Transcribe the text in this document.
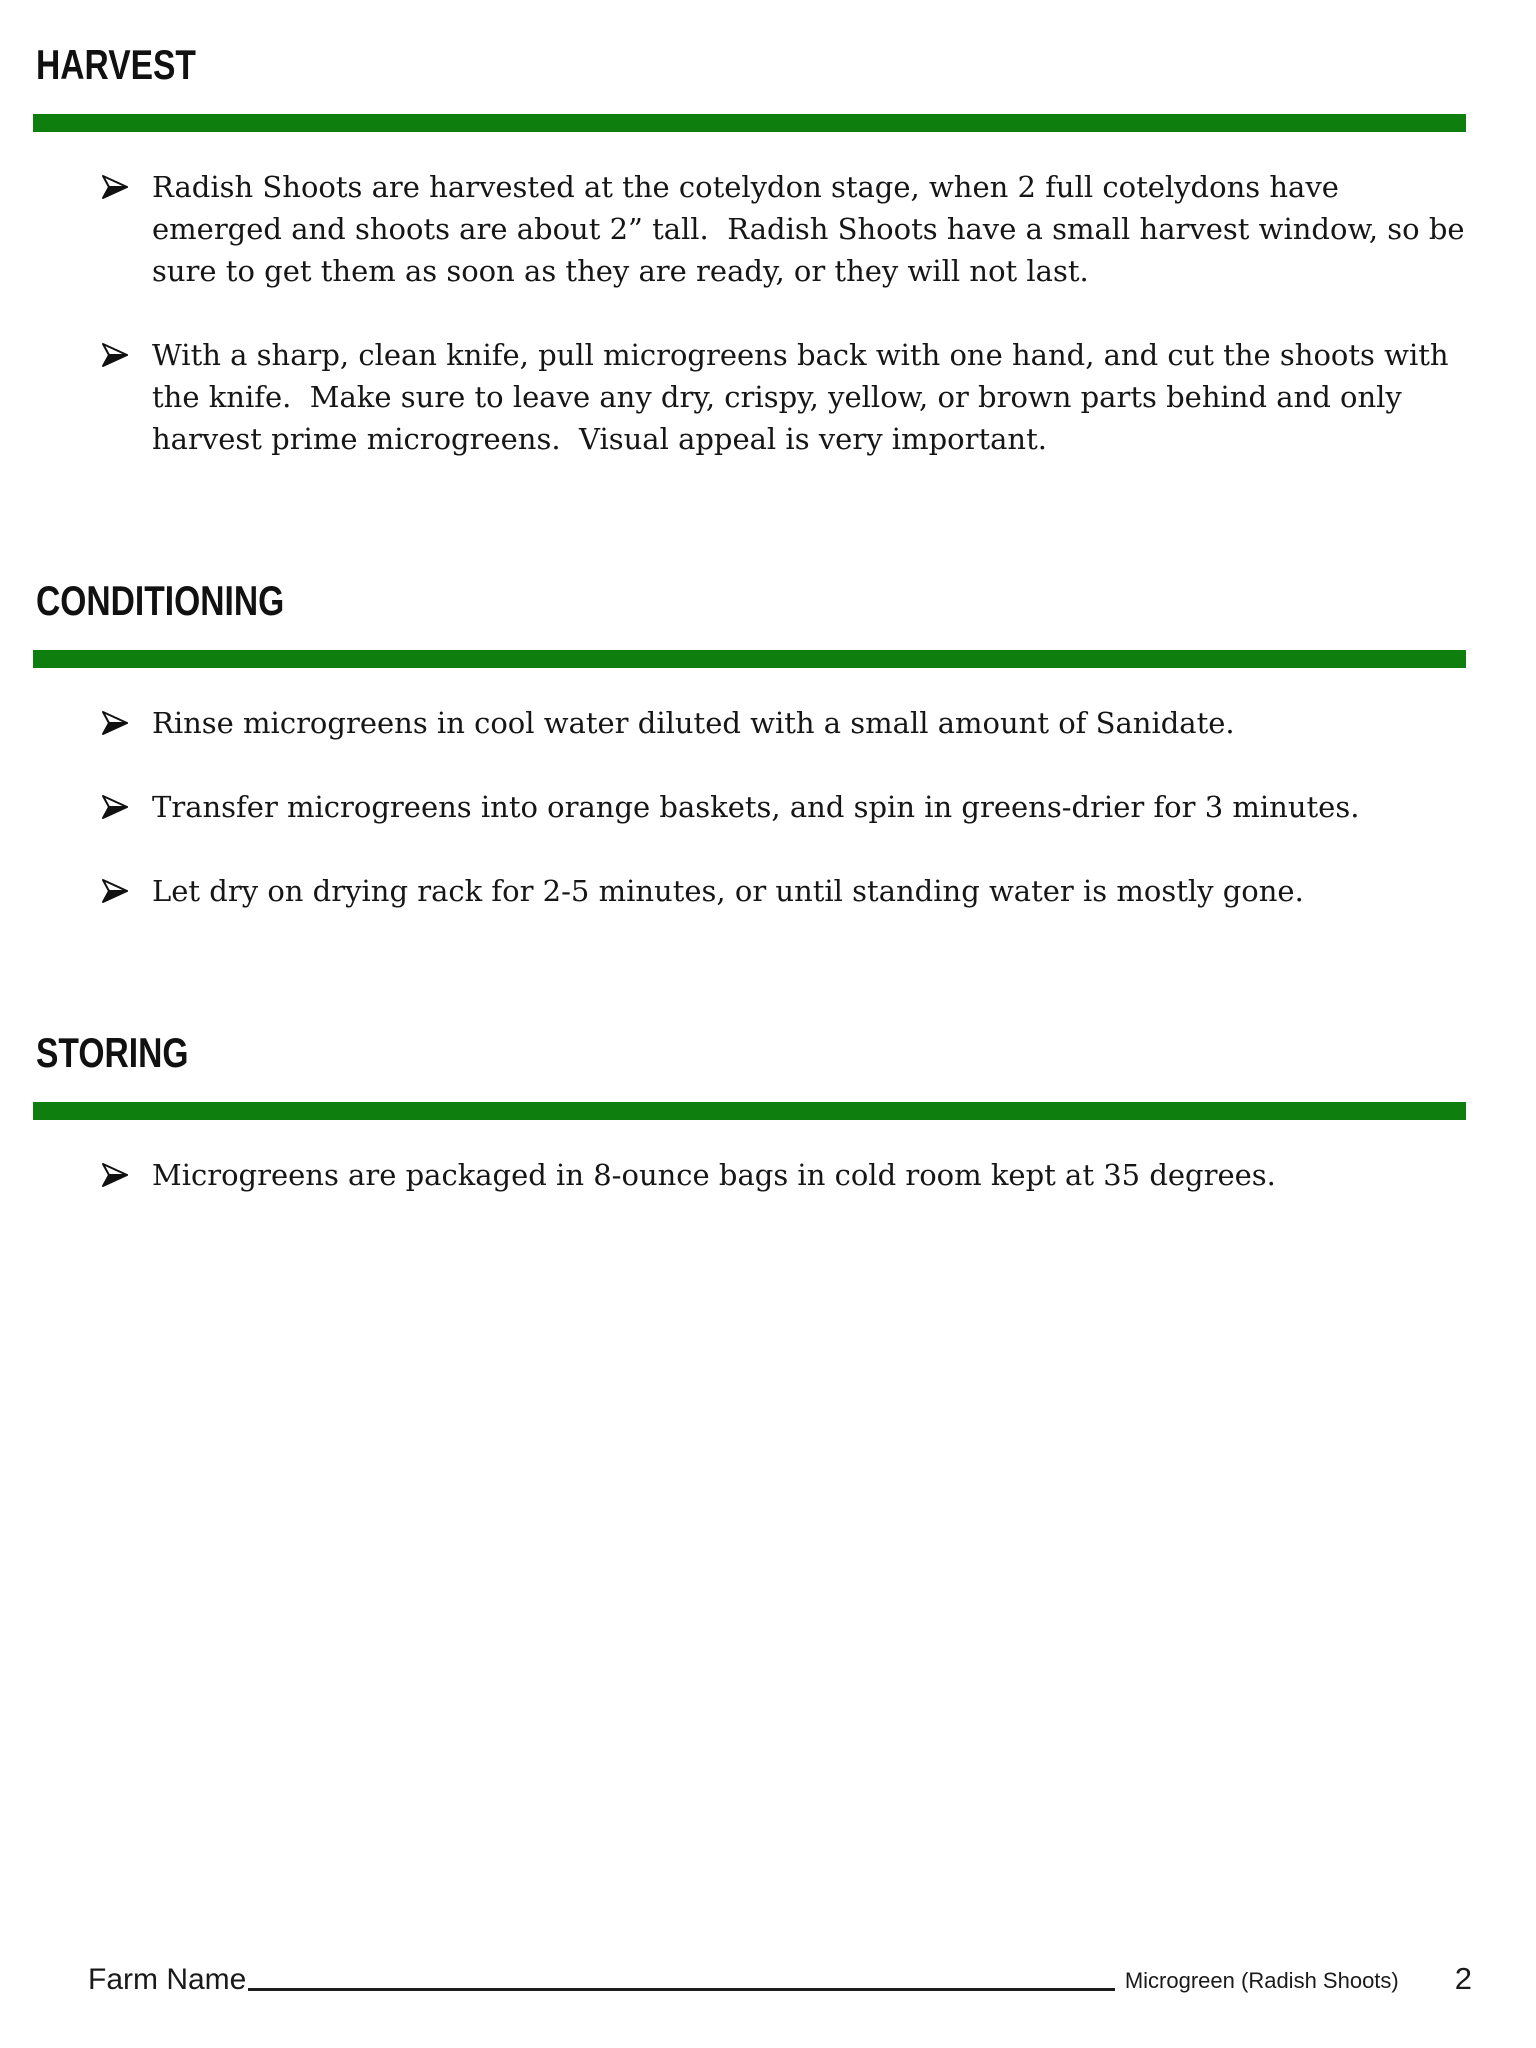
HARVEST

Radish Shoots are harvested at the cotelydon stage, when 2 full cotelydons have emerged and shoots are about 2” tall.  Radish Shoots have a small harvest window, so be sure to get them as soon as they are ready, or they will not last.

With a sharp, clean knife, pull microgreens back with one hand, and cut the shoots with the knife.  Make sure to leave any dry, crispy, yellow, or brown parts behind and only harvest prime microgreens.  Visual appeal is very important.

CONDITIONING

Rinse microgreens in cool water diluted with a small amount of Sanidate.

Transfer microgreens into orange baskets, and spin in greens-drier for 3 minutes.

Let dry on drying rack for 2-5 minutes, or until standing water is mostly gone.

STORING

Microgreens are packaged in 8-ounce bags in cold room kept at 35 degrees.

Farm Name	Microgreen (Radish Shoots) 2
